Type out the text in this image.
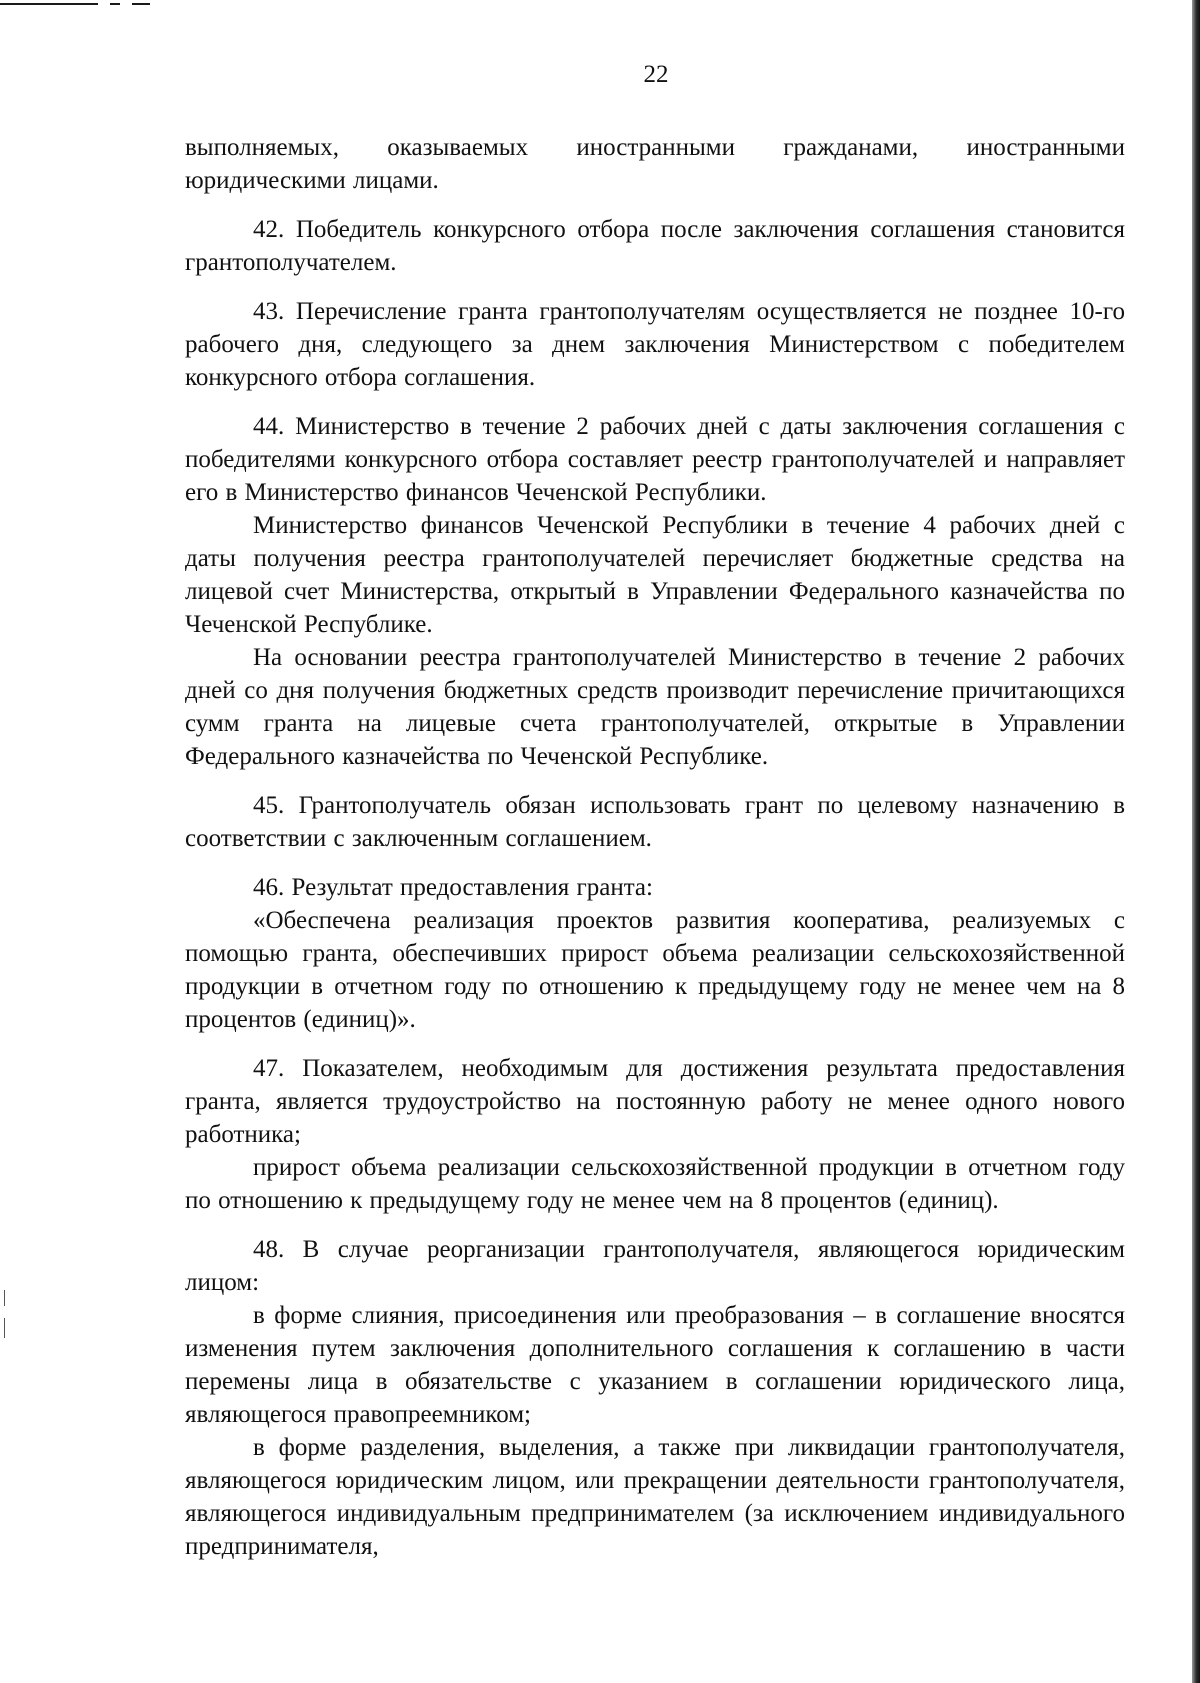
22

выполняемых, оказываемых иностранными гражданами, иностранными юридическими лицами.

42. Победитель конкурсного отбора после заключения соглашения становится грантополучателем.

43. Перечисление гранта грантополучателям осуществляется не позднее 10-го рабочего дня, следующего за днем заключения Министерством с победителем конкурсного отбора соглашения.

44. Министерство в течение 2 рабочих дней с даты заключения соглашения с победителями конкурсного отбора составляет реестр грантополучателей и направляет его в Министерство финансов Чеченской Республики.

Министерство финансов Чеченской Республики в течение 4 рабочих дней с даты получения реестра грантополучателей перечисляет бюджетные средства на лицевой счет Министерства, открытый в Управлении Федерального казначейства по Чеченской Республике.

На основании реестра грантополучателей Министерство в течение 2 рабочих дней со дня получения бюджетных средств производит перечисление причитающихся сумм гранта на лицевые счета грантополучателей, открытые в Управлении Федерального казначейства по Чеченской Республике.

45. Грантополучатель обязан использовать грант по целевому назначению в соответствии с заключенным соглашением.

46. Результат предоставления гранта:

«Обеспечена реализация проектов развития кооператива, реализуемых с помощью гранта, обеспечивших прирост объема реализации сельскохозяйственной продукции в отчетном году по отношению к предыдущему году не менее чем на 8 процентов (единиц)».

47. Показателем, необходимым для достижения результата предоставления гранта, является трудоустройство на постоянную работу не менее одного нового работника;

прирост объема реализации сельскохозяйственной продукции в отчетном году по отношению к предыдущему году не менее чем на 8 процентов (единиц).

48. В случае реорганизации грантополучателя, являющегося юридическим лицом:

в форме слияния, присоединения или преобразования – в соглашение вносятся изменения путем заключения дополнительного соглашения к соглашению в части перемены лица в обязательстве с указанием в соглашении юридического лица, являющегося правопреемником;

в форме разделения, выделения, а также при ликвидации грантополучателя, являющегося юридическим лицом, или прекращении деятельности грантополучателя, являющегося индивидуальным предпринимателем (за исключением индивидуального предпринимателя,
